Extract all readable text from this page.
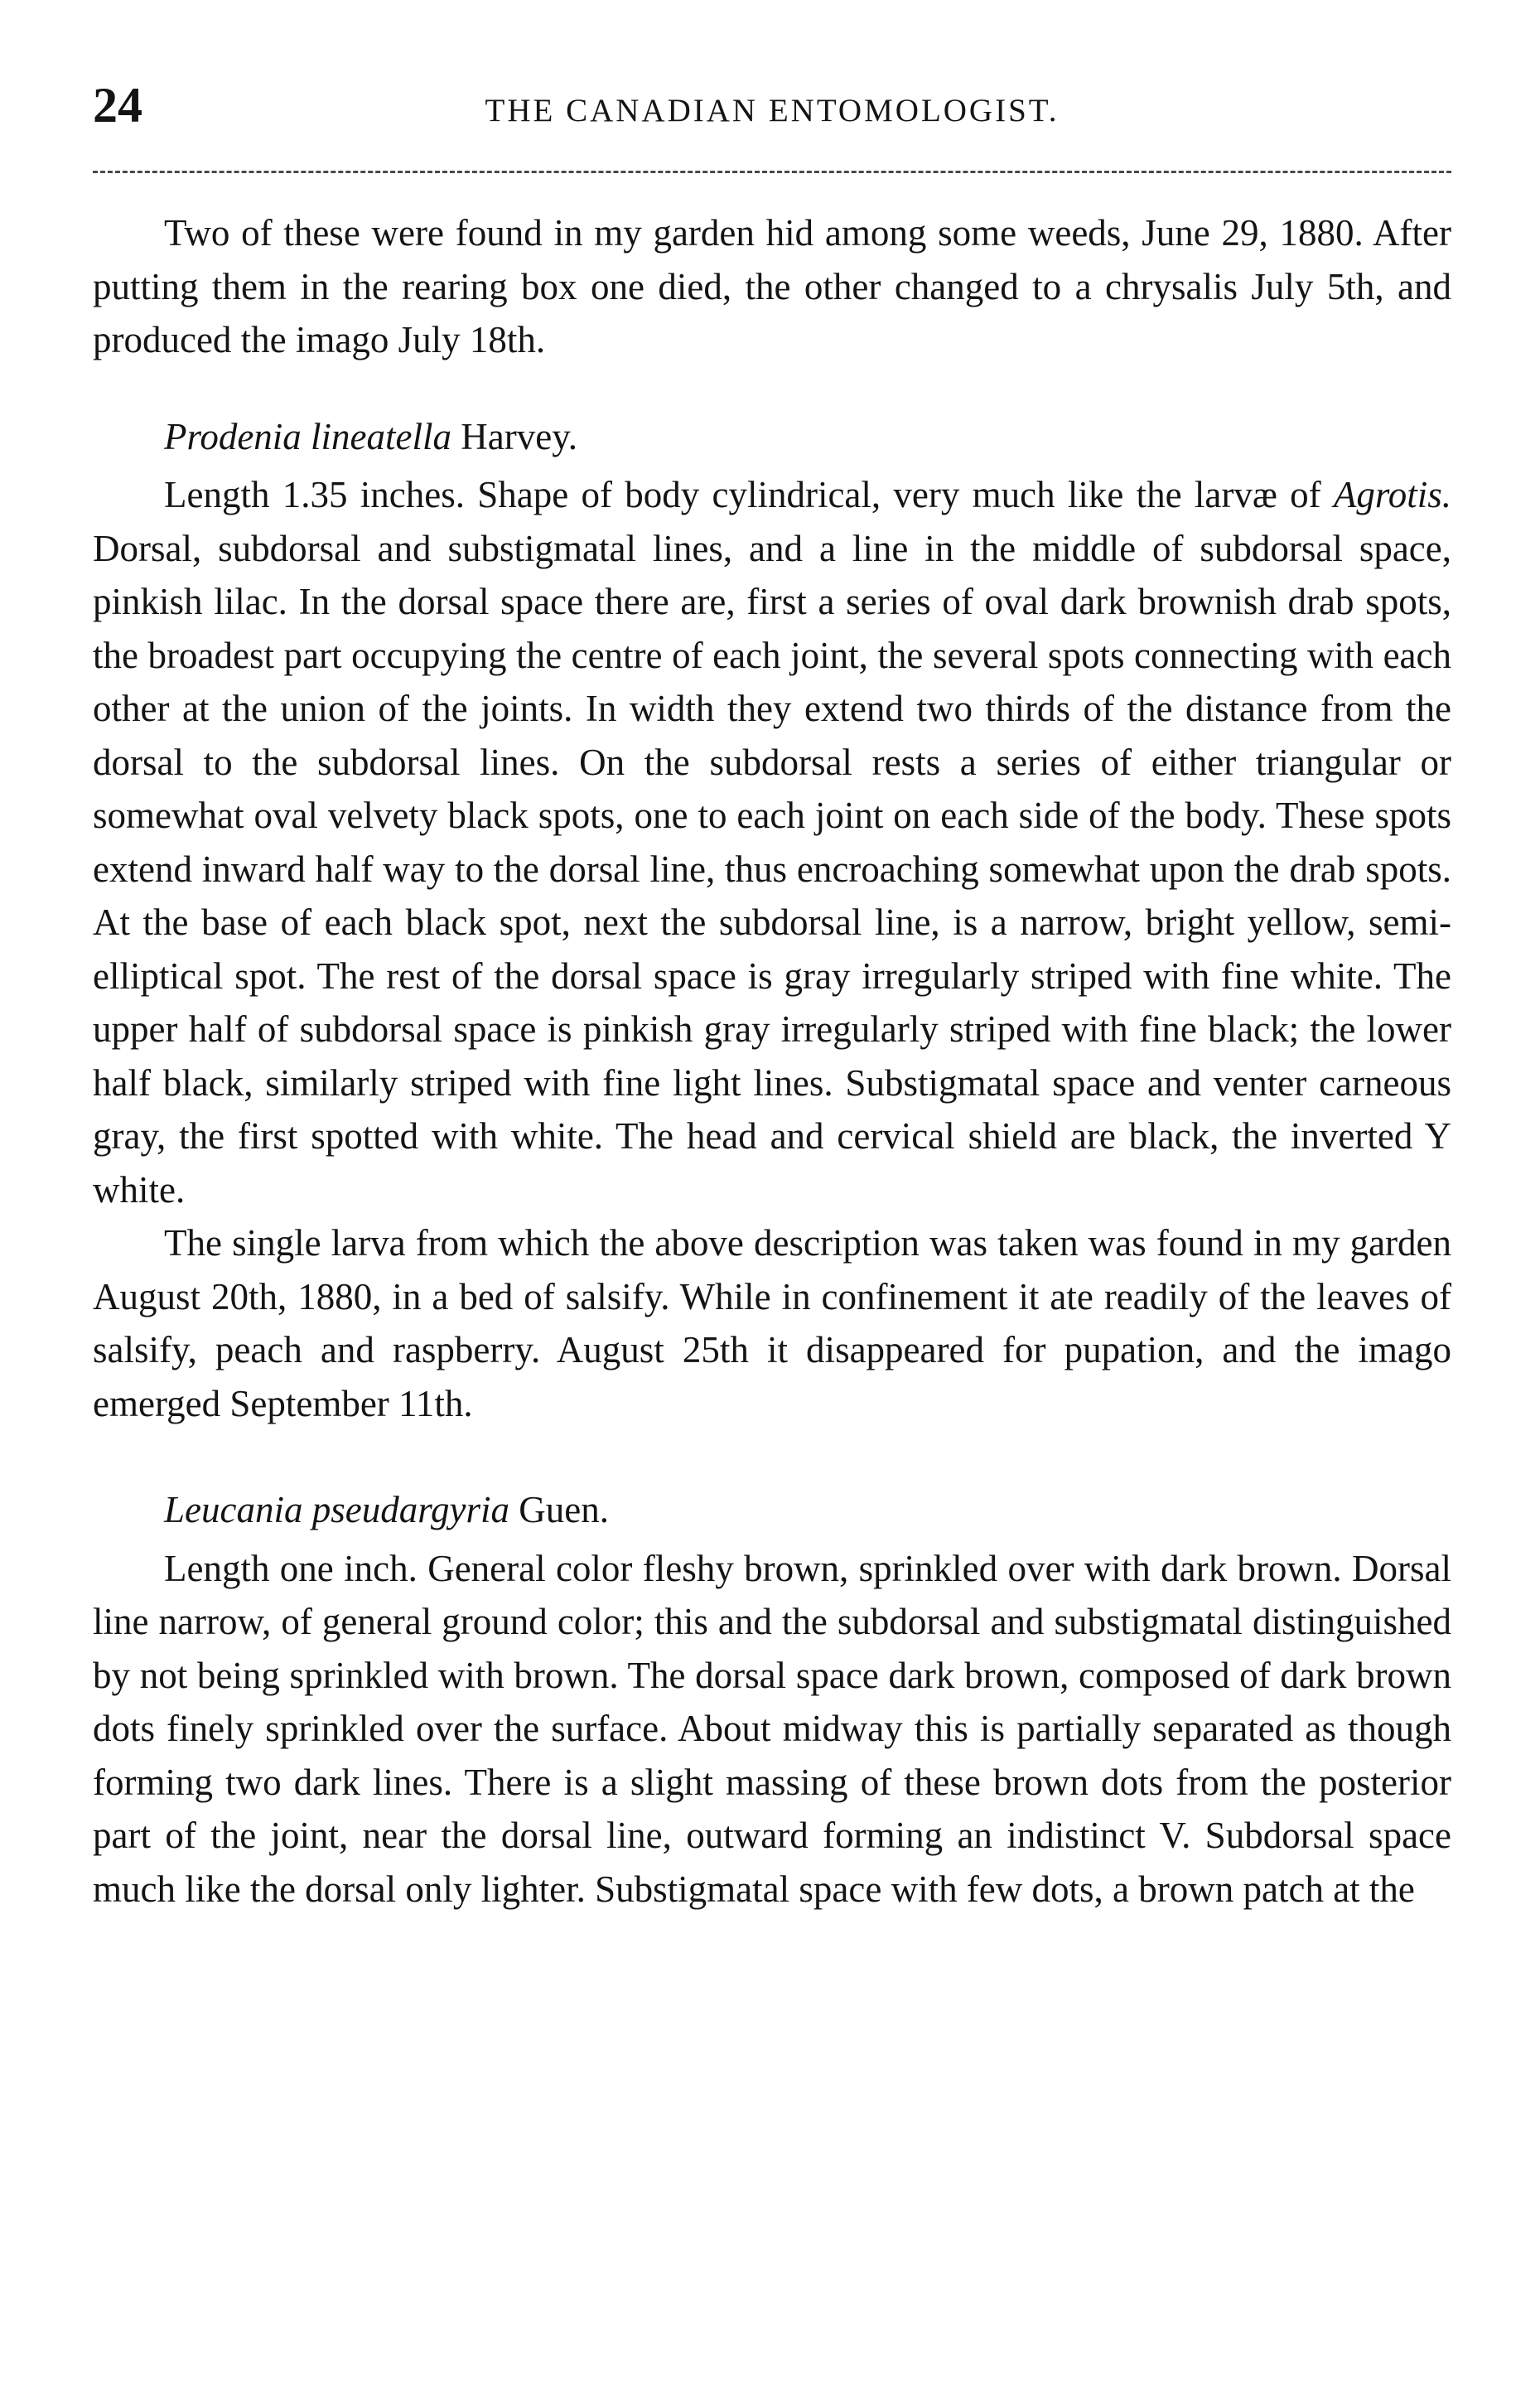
24	THE CANADIAN ENTOMOLOGIST.

Two of these were found in my garden hid among some weeds, June 29, 1880. After putting them in the rearing box one died, the other changed to a chrysalis July 5th, and produced the imago July 18th.

Prodenia lineatella Harvey.

Length 1.35 inches. Shape of body cylindrical, very much like the larvæ of Agrotis. Dorsal, subdorsal and substigmatal lines, and a line in the middle of subdorsal space, pinkish lilac. In the dorsal space there are, first a series of oval dark brownish drab spots, the broadest part occupying the centre of each joint, the several spots connecting with each other at the union of the joints. In width they extend two thirds of the distance from the dorsal to the subdorsal lines. On the subdorsal rests a series of either triangular or somewhat oval velvety black spots, one to each joint on each side of the body. These spots extend inward half way to the dorsal line, thus encroaching somewhat upon the drab spots. At the base of each black spot, next the subdorsal line, is a narrow, bright yellow, semi-elliptical spot. The rest of the dorsal space is gray irregularly striped with fine white. The upper half of subdorsal space is pinkish gray irregularly striped with fine black; the lower half black, similarly striped with fine light lines. Substigmatal space and venter carneous gray, the first spotted with white. The head and cervical shield are black, the inverted Y white.

The single larva from which the above description was taken was found in my garden August 20th, 1880, in a bed of salsify. While in confinement it ate readily of the leaves of salsify, peach and raspberry. August 25th it disappeared for pupation, and the imago emerged September 11th.

Leucania pseudargyria Guen.

Length one inch. General color fleshy brown, sprinkled over with dark brown. Dorsal line narrow, of general ground color; this and the subdorsal and substigmatal distinguished by not being sprinkled with brown. The dorsal space dark brown, composed of dark brown dots finely sprinkled over the surface. About midway this is partially separated as though forming two dark lines. There is a slight massing of these brown dots from the posterior part of the joint, near the dorsal line, outward forming an indistinct V. Subdorsal space much like the dorsal only lighter. Substigmatal space with few dots, a brown patch at the
